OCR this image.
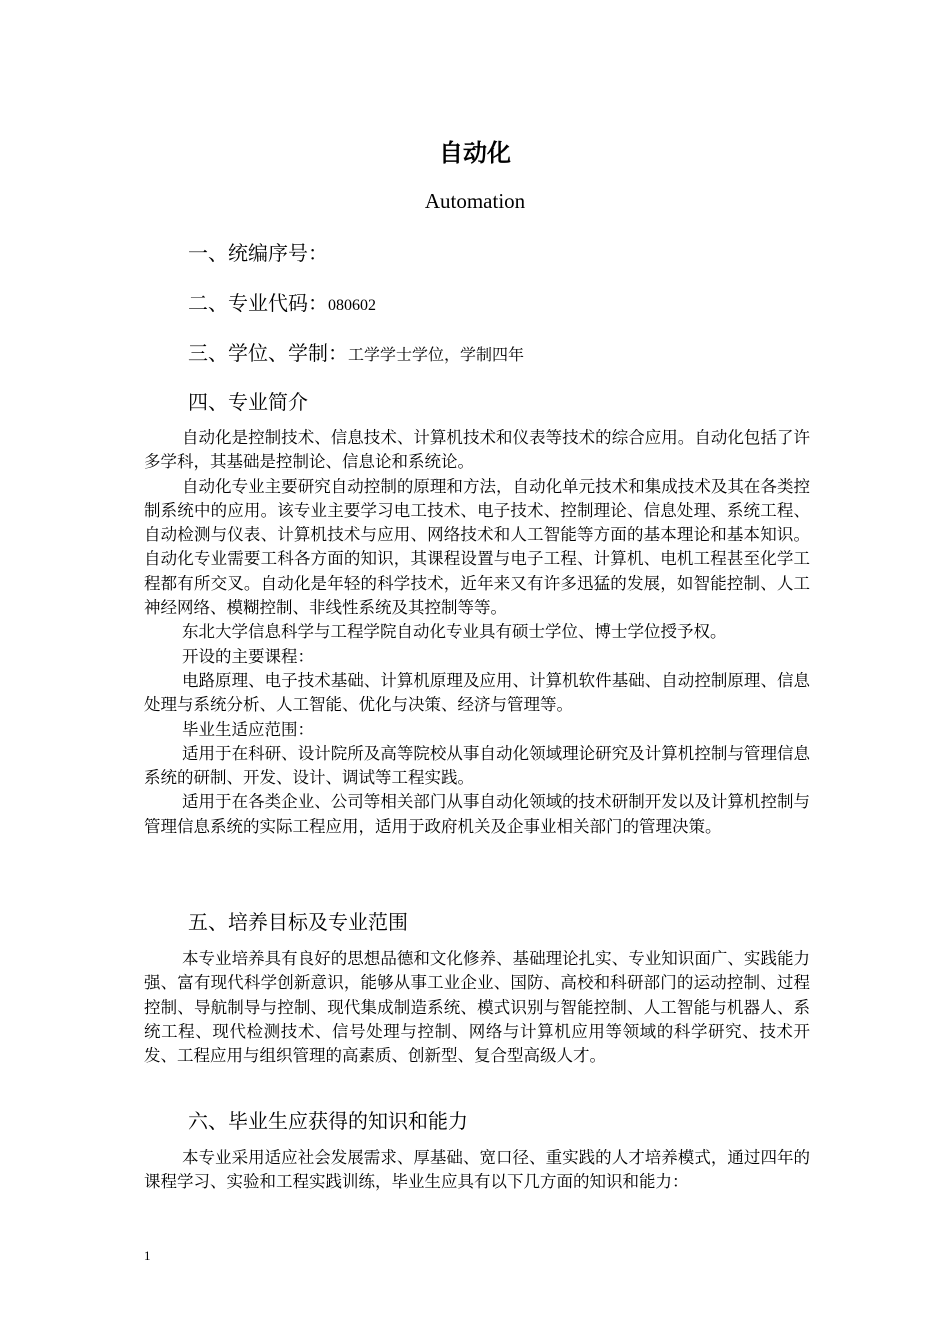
自动化
Automation
一、统编序号：
二、专业代码：080602
三、学位、学制：工学学士学位，学制四年
四、专业简介

自动化是控制技术、信息技术、计算机技术和仪表等技术的综合应用。自动化包括了许多学科，其基础是控制论、信息论和系统论。

自动化专业主要研究自动控制的原理和方法，自动化单元技术和集成技术及其在各类控制系统中的应用。该专业主要学习电工技术、电子技术、控制理论、信息处理、系统工程、自动检测与仪表、计算机技术与应用、网络技术和人工智能等方面的基本理论和基本知识。自动化专业需要工科各方面的知识，其课程设置与电子工程、计算机、电机工程甚至化学工程都有所交叉。自动化是年轻的科学技术，近年来又有许多迅猛的发展，如智能控制、人工神经网络、模糊控制、非线性系统及其控制等等。

东北大学信息科学与工程学院自动化专业具有硕士学位、博士学位授予权。

开设的主要课程：

电路原理、电子技术基础、计算机原理及应用、计算机软件基础、自动控制原理、信息处理与系统分析、人工智能、优化与决策、经济与管理等。

毕业生适应范围：

适用于在科研、设计院所及高等院校从事自动化领域理论研究及计算机控制与管理信息系统的研制、开发、设计、调试等工程实践。

适用于在各类企业、公司等相关部门从事自动化领域的技术研制开发以及计算机控制与管理信息系统的实际工程应用，适用于政府机关及企事业相关部门的管理决策。

五、培养目标及专业范围

本专业培养具有良好的思想品德和文化修养、基础理论扎实、专业知识面广、实践能力强、富有现代科学创新意识，能够从事工业企业、国防、高校和科研部门的运动控制、过程控制、导航制导与控制、现代集成制造系统、模式识别与智能控制、人工智能与机器人、系统工程、现代检测技术、信号处理与控制、网络与计算机应用等领域的科学研究、技术开发、工程应用与组织管理的高素质、创新型、复合型高级人才。

六、毕业生应获得的知识和能力

本专业采用适应社会发展需求、厚基础、宽口径、重实践的人才培养模式，通过四年的课程学习、实验和工程实践训练，毕业生应具有以下几方面的知识和能力：

1
